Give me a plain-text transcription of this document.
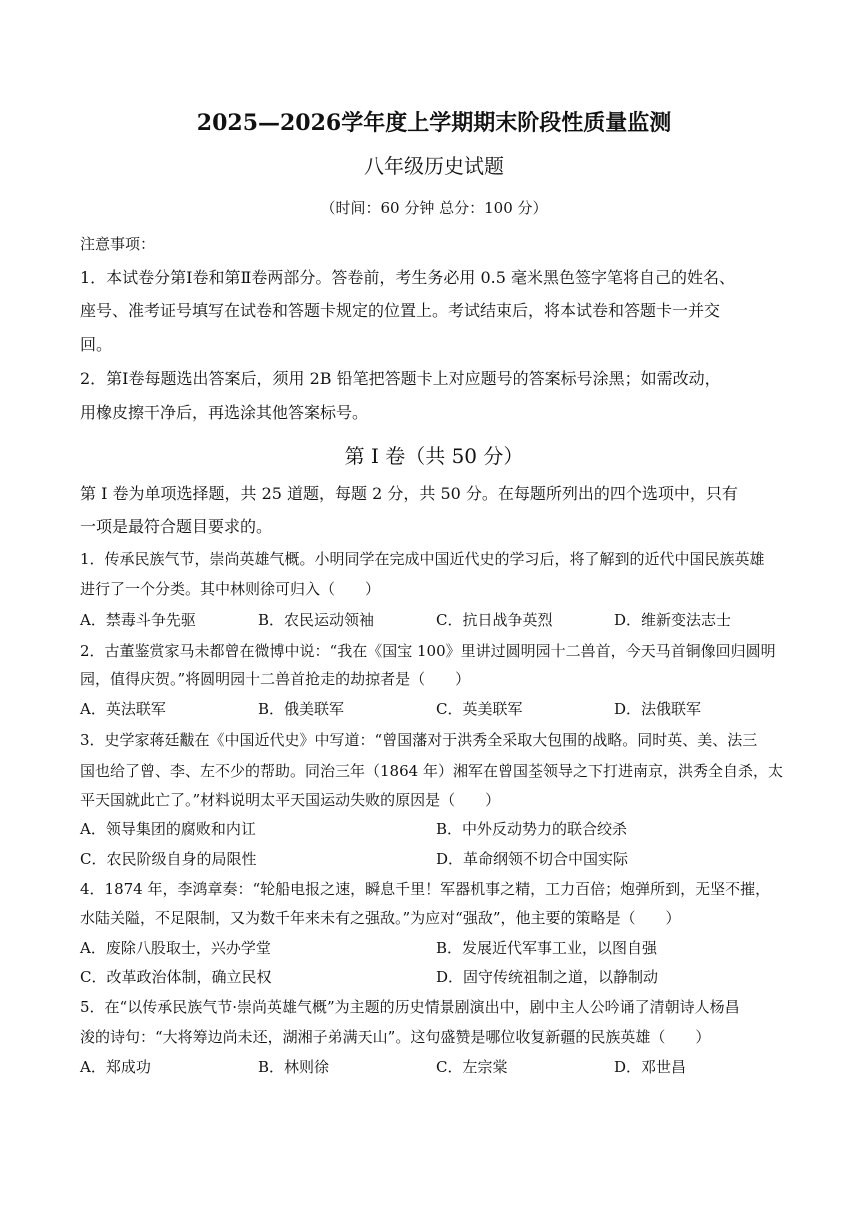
2025—2026学年度上学期期末阶段性质量监测
八年级历史试题
（时间：60 分钟 总分：100 分）
注意事项：
1．本试卷分第Ⅰ卷和第Ⅱ卷两部分。答卷前，考生务必用 0.5 毫米黑色签字笔将自己的姓名、
座号、准考证号填写在试卷和答题卡规定的位置上。考试结束后，将本试卷和答题卡一并交
回。
2．第Ⅰ卷每题选出答案后，须用 2B 铅笔把答题卡上对应题号的答案标号涂黑；如需改动，
用橡皮擦干净后，再选涂其他答案标号。
第 I 卷（共 50 分）
第 I 卷为单项选择题，共 25 道题，每题 2 分，共 50 分。在每题所列出的四个选项中，只有
一项是最符合题目要求的。
1．传承民族气节，崇尚英雄气概。小明同学在完成中国近代史的学习后，将了解到的近代中国民族英雄
进行了一个分类。其中林则徐可归入（　　）
A．禁毒斗争先驱	B．农民运动领袖	C．抗日战争英烈	D．维新变法志士
2．古董鉴赏家马未都曾在微博中说：“我在《国宝 100》里讲过圆明园十二兽首，今天马首铜像回归圆明
园，值得庆贺。”将圆明园十二兽首抢走的劫掠者是（　　）
A．英法联军	B．俄美联军	C．英美联军	D．法俄联军
3．史学家蒋廷黻在《中国近代史》中写道：“曾国藩对于洪秀全采取大包围的战略。同时英、美、法三
国也给了曾、李、左不少的帮助。同治三年（1864 年）湘军在曾国荃领导之下打进南京，洪秀全自杀，太
平天国就此亡了。”材料说明太平天国运动失败的原因是（　　）
A．领导集团的腐败和内讧	B．中外反动势力的联合绞杀
C．农民阶级自身的局限性	D．革命纲领不切合中国实际
4．1874 年，李鸿章奏：“轮船电报之速，瞬息千里！军器机事之精，工力百倍；炮弹所到，无坚不摧，
水陆关隘，不足限制，又为数千年来未有之强敌。”为应对“强敌”，他主要的策略是（　　）
A．废除八股取士，兴办学堂	B．发展近代军事工业，以图自强
C．改革政治体制，确立民权	D．固守传统祖制之道，以静制动
5．在“以传承民族气节·崇尚英雄气概”为主题的历史情景剧演出中，剧中主人公吟诵了清朝诗人杨昌
浚的诗句：“大将筹边尚未还，湖湘子弟满天山”。这句盛赞是哪位收复新疆的民族英雄（　　）
A．郑成功	B．林则徐	C．左宗棠	D．邓世昌
